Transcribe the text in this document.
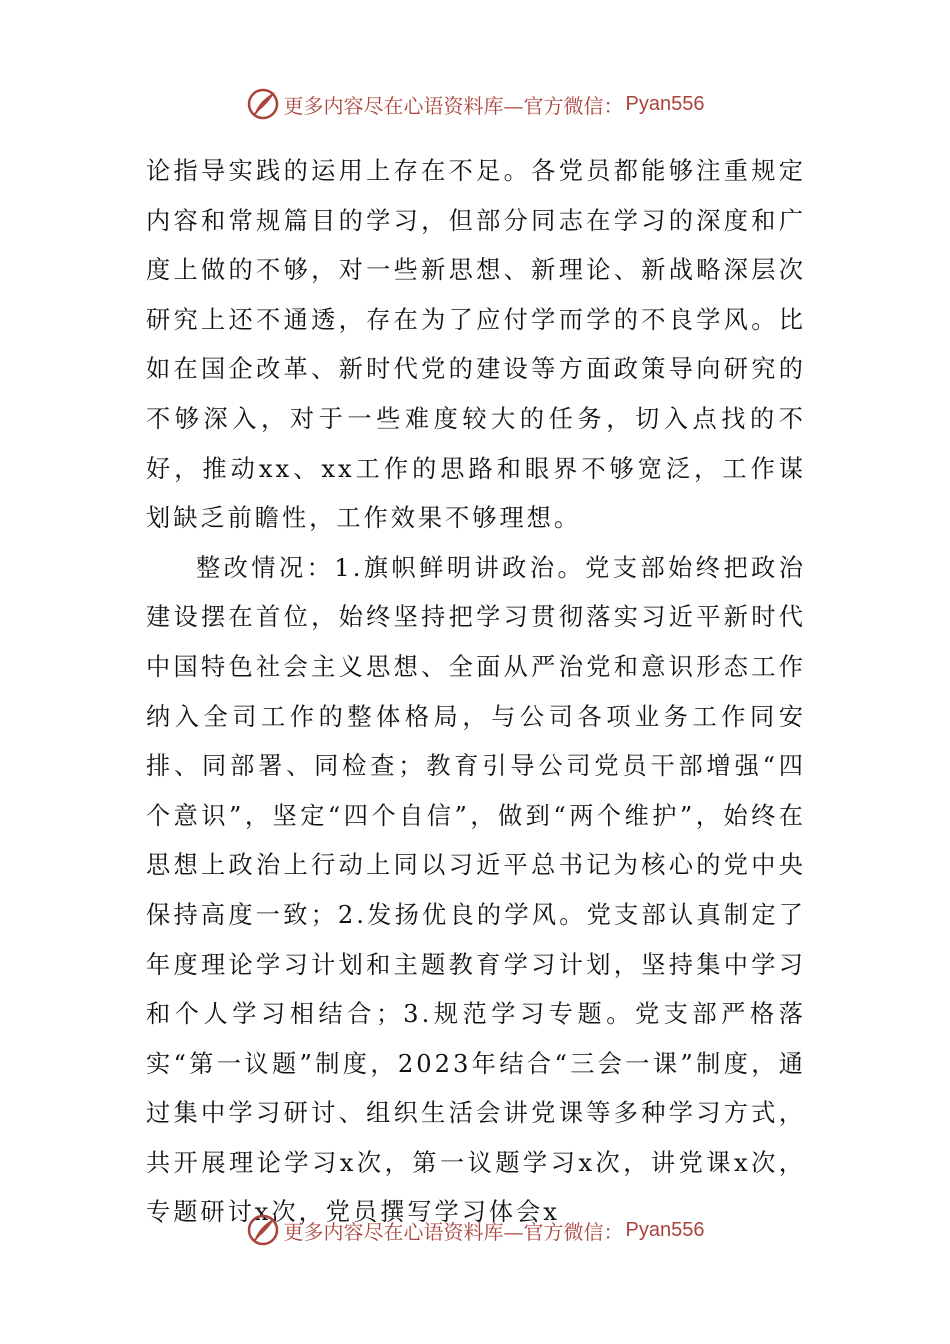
更多内容尽在心语资料库—官方微信： Pyan556

论指导实践的运用上存在不足。各党员都能够注重规定内容和常规篇目的学习，但部分同志在学习的深度和广度上做的不够，对一些新思想、新理论、新战略深层次研究上还不通透，存在为了应付学而学的不良学风。比如在国企改革、新时代党的建设等方面政策导向研究的不够深入，对于一些难度较大的任务，切入点找的不好，推动xx、xx工作的思路和眼界不够宽泛，工作谋划缺乏前瞻性，工作效果不够理想。

整改情况：1.旗帜鲜明讲政治。党支部始终把政治建设摆在首位，始终坚持把学习贯彻落实习近平新时代中国特色社会主义思想、全面从严治党和意识形态工作纳入全司工作的整体格局，与公司各项业务工作同安排、同部署、同检查；教育引导公司党员干部增强“四个意识”，坚定“四个自信”，做到“两个维护”，始终在思想上政治上行动上同以习近平总书记为核心的党中央保持高度一致；2.发扬优良的学风。党支部认真制定了年度理论学习计划和主题教育学习计划，坚持集中学习和个人学习相结合；3.规范学习专题。党支部严格落实“第一议题”制度，2023年结合“三会一课”制度，通过集中学习研讨、组织生活会讲党课等多种学习方式，共开展理论学习x次，第一议题学习x次，讲党课x次，专题研讨x次，党员撰写学习体会x

更多内容尽在心语资料库—官方微信： Pyan556
